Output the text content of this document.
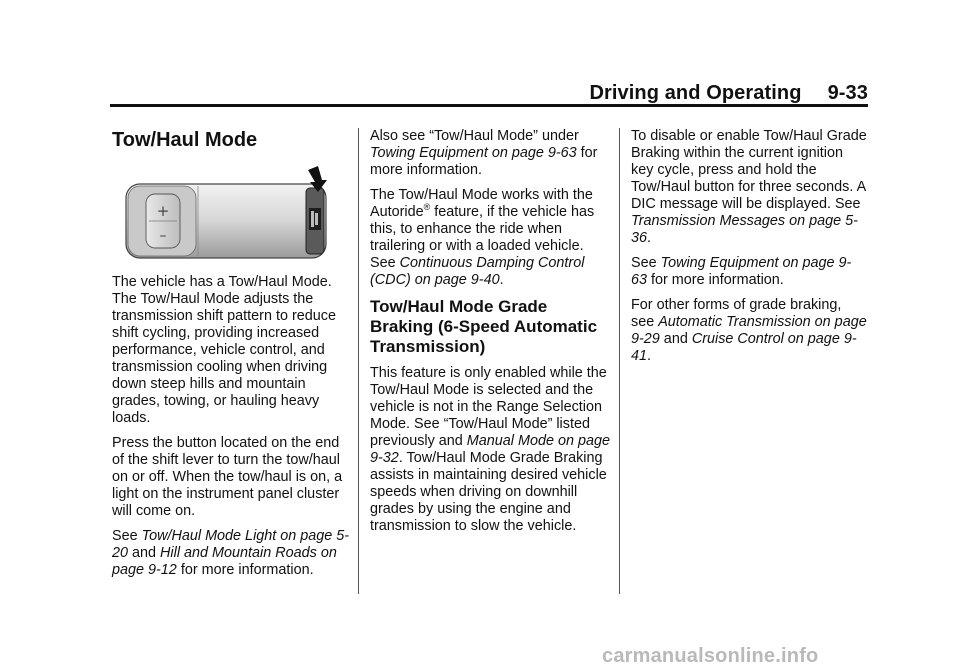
Driving and Operating 9-33
Tow/Haul Mode
+
–

The vehicle has a Tow/Haul Mode. The Tow/Haul Mode adjusts the transmission shift pattern to reduce shift cycling, providing increased performance, vehicle control, and transmission cooling when driving down steep hills and mountain grades, towing, or hauling heavy loads.

Press the button located on the end of the shift lever to turn the tow/haul on or off. When the tow/haul is on, a light on the instrument panel cluster will come on.

See Tow/Haul Mode Light on page 5-20 and Hill and Mountain Roads on page 9-12 for more information.

Also see “Tow/Haul Mode” under Towing Equipment on page 9-63 for more information.

The Tow/Haul Mode works with the Autoride® feature, if the vehicle has this, to enhance the ride when trailering or with a loaded vehicle. See Continuous Damping Control (CDC) on page 9-40.

Tow/Haul Mode Grade Braking (6-Speed Automatic Transmission)

This feature is only enabled while the Tow/Haul Mode is selected and the vehicle is not in the Range Selection Mode. See “Tow/Haul Mode” listed previously and Manual Mode on page 9-32. Tow/Haul Mode Grade Braking assists in maintaining desired vehicle speeds when driving on downhill grades by using the engine and transmission to slow the vehicle.

To disable or enable Tow/Haul Grade Braking within the current ignition key cycle, press and hold the Tow/Haul button for three seconds. A DIC message will be displayed. See Transmission Messages on page 5-36.

See Towing Equipment on page 9-63 for more information.

For other forms of grade braking, see Automatic Transmission on page 9-29 and Cruise Control on page 9-41.

carmanualsonline.info
